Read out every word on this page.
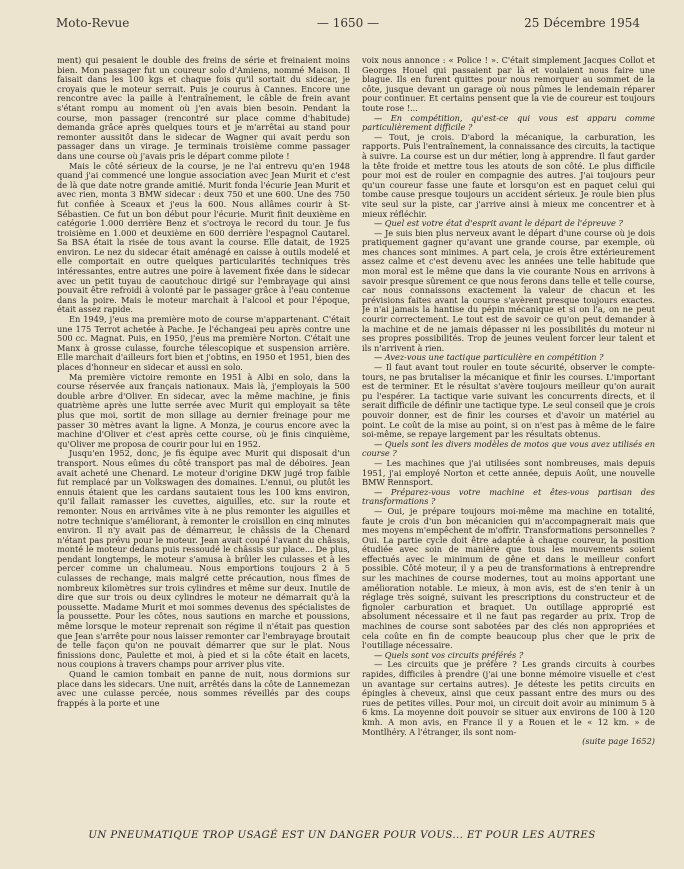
Moto-Revue	— 1650 —	25 Décembre 1954

ment) qui pesaient le double des freins de série et freinaient moins bien. Mon passager fut un coureur solo d'Amiens, nommé Maison. Il faisait dans les 100 kgs et chaque fois qu'il sortait du sidecar, je croyais que le moteur serrait. Puis je courus à Cannes. Encore une rencontre avec la paille à l'entraînement, le câble de frein avant s'étant rompu au moment où j'en avais bien besoin. Pendant la course, mon passager (rencontré sur place comme d'habitude) demanda grâce après quelques tours et je m'arrêtai au stand pour remonter aussitôt dans le sidecar de Wagner qui avait perdu son passager dans un virage. Je terminais troisième comme passager dans une course où j'avais pris le départ comme pilote !

Mais le côté sérieux de la course, je ne l'ai entrevu qu'en 1948 quand j'ai commencé une longue association avec Jean Murit et c'est de là que date notre grande amitié. Murit fonda l'écurie Jean Murit et avec rien, monta 3 BMW sidecar : deux 750 et une 600. Une des 750 fut confiée à Sceaux et j'eus la 600. Nous allâmes courir à St-Sébastien. Ce fut un bon début pour l'écurie. Murit finit deuxième en catégorie 1.000 derrière Benz et s'octroya le record du tour. Je fus troisième en 1.000 et deuxième en 600 derrière l'espagnol Cautarel. Sa BSA était la risée de tous avant la course. Elle datait, de 1925 environ. Le nez du sidecar était aménagé en caisse à outils modelé et elle comportait en outre quelques particularités techniques très intéressantes, entre autres une poire à lavement fixée dans le sidecar avec un petit tuyau de caoutchouc dirigé sur l'embrayage qui ainsi pouvait être refroidi à volonté par le passager grâce à l'eau contenue dans la poire. Mais le moteur marchait à l'alcool et pour l'époque, était assez rapide.

En 1949, j'eus ma première moto de course m'appartenant. C'était une 175 Terrot achetée à Pache. Je l'échangeai peu après contre une 500 cc. Magnat. Puis, en 1950, j'eus ma première Norton. C'était une Manx à grosse culasse, fourche télescopique et suspension arrière. Elle marchait d'ailleurs fort bien et j'obtins, en 1950 et 1951, bien des places d'honneur en sidecar et aussi en solo.

Ma première victoire remonte en 1951 à Albi en solo, dans la course réservée aux français nationaux. Mais là, j'employais la 500 double arbre d'Oliver. En sidecar, avec la même machine, je finis quatrième après une lutte serrée avec Murit qui employait sa tête plus que moi, sortit de mon sillage au dernier freinage pour me passer 30 mètres avant la ligne. A Monza, je courus encore avec la machine d'Oliver et c'est après cette course, où je finis cinquième, qu'Oliver me proposa de courir pour lui en 1952.

Jusqu'en 1952, donc, je fis équipe avec Murit qui disposait d'un transport. Nous eûmes du côté transport pas mal de déboires. Jean avait acheté une Chenard. Le moteur d'origine DKW jugé trop faible fut remplacé par un Volkswagen des domaines. L'ennui, ou plutôt les ennuis étaient que les cardans sautaient tous les 100 kms environ, qu'il fallait ramasser les cuvettes, aiguilles, etc. sur la route et remonter. Nous en arrivâmes vite à ne plus remonter les aiguilles et notre technique s'améliorant, à remonter le croisillon en cinq minutes environ. Il n'y avait pas de démarreur, le châssis de la Chenard n'étant pas prévu pour le moteur. Jean avait coupé l'avant du châssis, monté le moteur dedans puis ressoudé le châssis sur place... De plus, pendant longtemps, le moteur s'amusa à brûler les culasses et à les percer comme un chalumeau. Nous emportions toujours 2 à 5 culasses de rechange, mais malgré cette précaution, nous fîmes de nombreux kilomètres sur trois cylindres et même sur deux. Inutile de dire que sur trois ou deux cylindres le moteur ne démarrait qu'à la poussette. Madame Murit et moi sommes devenus des spécialistes de la poussette. Pour les côtes, nous sautions en marche et poussions, même lorsque le moteur reprenait son régime il n'était pas question que Jean s'arrête pour nous laisser remonter car l'embrayage broutait de telle façon qu'on ne pouvait démarrer que sur le plat. Nous finissions donc, Paulette et moi, à pied et si la côte était en lacets, nous coupions à travers champs pour arriver plus vite.

Quand le camion tombait en panne de nuit, nous dormions sur place dans les sidecars. Une nuit, arrêtés dans la côte de Lannemezan avec une culasse percée, nous sommes réveillés par des coups frappés à la porte et une

voix nous annonce : « Police ! ». C'était simplement Jacques Collot et Georges Houel qui passaient par là et voulaient nous faire une blague. Ils en furent quittes pour nous remorquer au sommet de la côte, jusque devant un garage où nous pûmes le lendemain réparer pour continuer. Et certains pensent que la vie de coureur est toujours toute rose !...

— En compétition, qu'est-ce qui vous est apparu comme particulièrement difficile ?

— Tout, je crois. D'abord la mécanique, la carburation, les rapports. Puis l'entraînement, la connaissance des circuits, la tactique à suivre. La course est un dur métier, long à apprendre. Il faut garder la tête froide et mettre tous les atouts de son côté. Le plus difficile pour moi est de rouler en compagnie des autres. J'ai toujours peur qu'un coureur fasse une faute et lorsqu'on est en paquet celui qui tombe cause presque toujours un accident sérieux. Je roule bien plus vite seul sur la piste, car j'arrive ainsi à mieux me concentrer et à mieux réfléchir.

— Quel est votre état d'esprit avant le départ de l'épreuve ?

— Je suis bien plus nerveux avant le départ d'une course où je dois pratiquement gagner qu'avant une grande course, par exemple, où mes chances sont minimes. A part cela, je crois être extérieurement assez calme et c'est devenu avec les années une telle habitude que mon moral est le même que dans la vie courante Nous en arrivons à savoir presque sûrement ce que nous ferons dans telle et telle course, car nous connaissons exactement la valeur de chacun et les prévisions faites avant la course s'avèrent presque toujours exactes. Je n'ai jamais la hantise du pépin mécanique et si on l'a, on ne peut courir correctement. Le tout est de savoir ce qu'on peut demander à la machine et de ne jamais dépasser ni les possibilités du moteur ni ses propres possibilités. Trop de jeunes veulent forcer leur talent et ils n'arrivent à rien.

— Avez-vous une tactique particulière en compétition ?

— Il faut avant tout rouler en toute sécurité, observer le compte-tours, ne pas brutaliser la mécanique et finir les courses. L'important est de terminer. Et le résultat s'avère toujours meilleur qu'on aurait pu l'espérer. La tactique varie suivant les concurrents directs, et il serait difficile de définir une tactique type. Le seul conseil que je crois pouvoir donner, est de finir les courses et d'avoir un matériel au point. Le coût de la mise au point, si on n'est pas à même de le faire soi-même, se repaye largement par les résultats obtenus.

— Quels sont les divers modèles de motos que vous avez utilisés en course ?

— Les machines que j'ai utilisées sont nombreuses, mais depuis 1951, j'ai employé Norton et cette année, depuis Août, une nouvelle BMW Rennsport.

— Préparez-vous votre machine et êtes-vous partisan des transformations ?

— Oui, je prépare toujours moi-même ma machine en totalité, faute je crois d'un bon mécanicien qui m'accompagnerait mais que mes moyens m'empêchent de m'offrir. Transformations personnelles ? Oui. La partie cycle doit être adaptée à chaque coureur, la position étudiée avec soin de manière que tous les mouvements soient effectués avec le minimum de gêne et dans le meilleur confort possible. Côté moteur, il y a peu de transformations à entreprendre sur les machines de course modernes, tout au moins apportant une amélioration notable. Le mieux, à mon avis, est de s'en tenir à un réglage très soigné, suivant les prescriptions du constructeur et de fignoler carburation et braquet. Un outillage approprié est absolument nécessaire et il ne faut pas regarder au prix. Trop de machines de course sont sabotées par des clés non appropriées et cela coûte en fin de compte beaucoup plus cher que le prix de l'outillage nécessaire.

— Quels sont vos circuits préférés ?

— Les circuits que je préfère ? Les grands circuits à courbes rapides, difficiles à prendre (j'ai une bonne mémoire visuelle et c'est un avantage sur certains autres). Je déteste les petits circuits en épingles à cheveux, ainsi que ceux passant entre des murs ou des rues de petites villes. Pour moi, un circuit doit avoir au minimum 5 à 6 kms. La moyenne doit pouvoir se situer aux environs de 100 à 120 kmh. A mon avis, en France il y a Rouen et le « 12 km. » de Montlhéry. A l'étranger, ils sont nom-

(suite page 1652)

UN PNEUMATIQUE TROP USAGÉ EST UN DANGER POUR VOUS... ET POUR LES AUTRES
